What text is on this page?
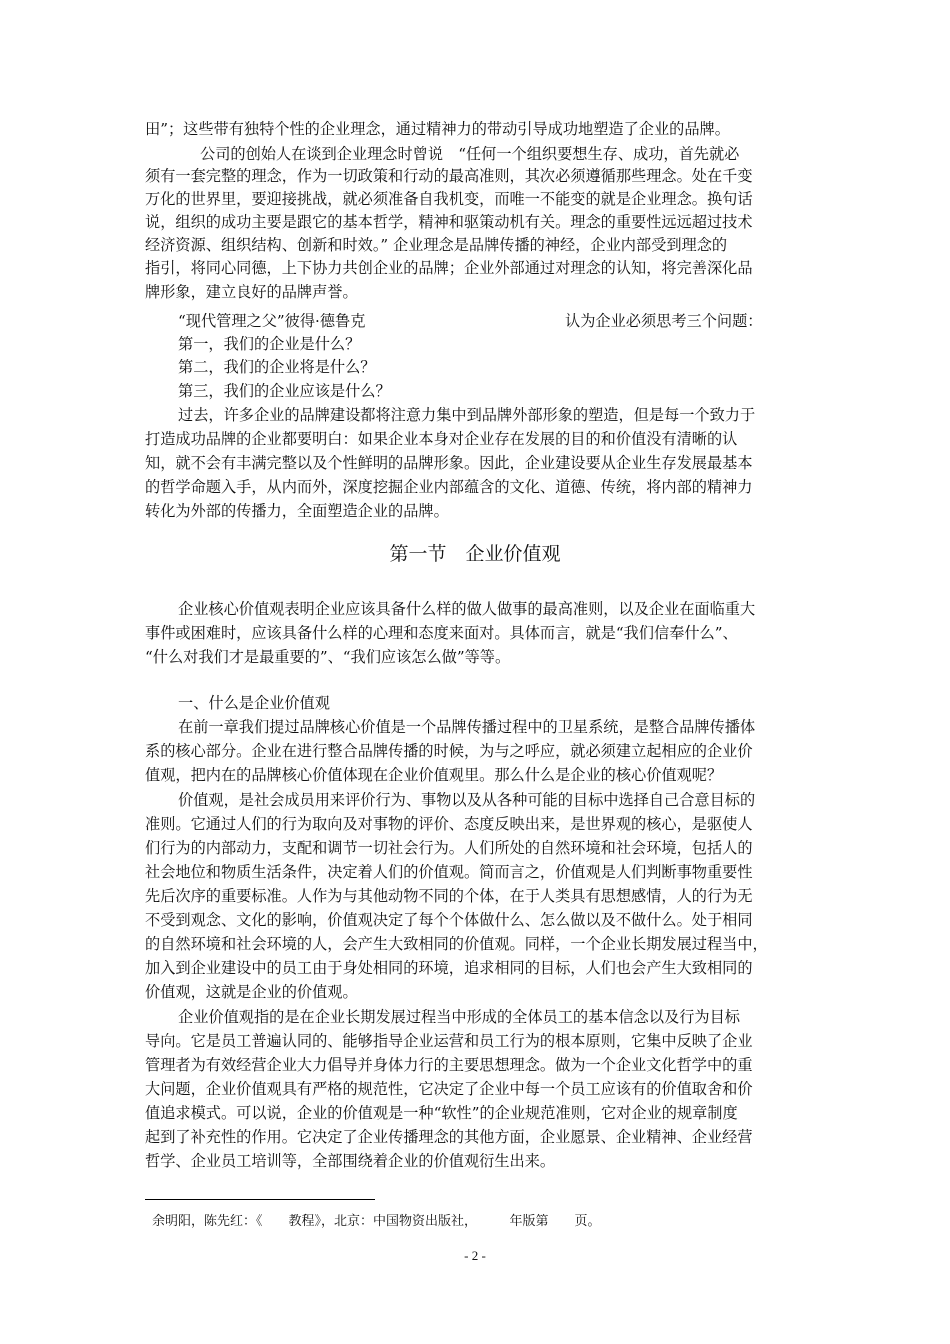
田”；这些带有独特个性的企业理念，通过精神力的带动引导成功地塑造了企业的品牌。
公司的创始人在谈到企业理念时曾说　“任何一个组织要想生存、成功，首先就必
须有一套完整的理念，作为一切政策和行动的最高准则，其次必须遵循那些理念。处在千变
万化的世界里，要迎接挑战，就必须准备自我机变，而唯一不能变的就是企业理念。换句话
说，组织的成功主要是跟它的基本哲学，精神和驱策动机有关。理念的重要性远远超过技术
经济资源、组织结构、创新和时效。” 企业理念是品牌传播的神经，企业内部受到理念的
指引，将同心同德，上下协力共创企业的品牌；企业外部通过对理念的认知，将完善深化品
牌形象，建立良好的品牌声誉。
“现代管理之父”彼得·德鲁克	认为企业必须思考三个问题：
第一，我们的企业是什么？
第二，我们的企业将是什么？
第三，我们的企业应该是什么？
过去，许多企业的品牌建设都将注意力集中到品牌外部形象的塑造，但是每一个致力于
打造成功品牌的企业都要明白：如果企业本身对企业存在发展的目的和价值没有清晰的认
知，就不会有丰满完整以及个性鲜明的品牌形象。因此，企业建设要从企业生存发展最基本
的哲学命题入手，从内而外，深度挖掘企业内部蕴含的文化、道德、传统，将内部的精神力
转化为外部的传播力，全面塑造企业的品牌。
第一节　企业价值观
企业核心价值观表明企业应该具备什么样的做人做事的最高准则，以及企业在面临重大
事件或困难时，应该具备什么样的心理和态度来面对。具体而言，就是“我们信奉什么”、
“什么对我们才是最重要的”、“我们应该怎么做”等等。
一、什么是企业价值观
在前一章我们提过品牌核心价值是一个品牌传播过程中的卫星系统，是整合品牌传播体
系的核心部分。企业在进行整合品牌传播的时候，为与之呼应，就必须建立起相应的企业价
值观，把内在的品牌核心价值体现在企业价值观里。那么什么是企业的核心价值观呢？
价值观，是社会成员用来评价行为、事物以及从各种可能的目标中选择自己合意目标的
准则。它通过人们的行为取向及对事物的评价、态度反映出来，是世界观的核心，是驱使人
们行为的内部动力，支配和调节一切社会行为。人们所处的自然环境和社会环境，包括人的
社会地位和物质生活条件，决定着人们的价值观。简而言之，价值观是人们判断事物重要性
先后次序的重要标准。人作为与其他动物不同的个体，在于人类具有思想感情，人的行为无
不受到观念、文化的影响，价值观决定了每个个体做什么、怎么做以及不做什么。处于相同
的自然环境和社会环境的人，会产生大致相同的价值观。同样，一个企业长期发展过程当中，
加入到企业建设中的员工由于身处相同的环境，追求相同的目标，人们也会产生大致相同的
价值观，这就是企业的价值观。
企业价值观指的是在企业长期发展过程当中形成的全体员工的基本信念以及行为目标
导向。它是员工普遍认同的、能够指导企业运营和员工行为的根本原则，它集中反映了企业
管理者为有效经营企业大力倡导并身体力行的主要思想理念。做为一个企业文化哲学中的重
大问题，企业价值观具有严格的规范性，它决定了企业中每一个员工应该有的价值取舍和价
值追求模式。可以说，企业的价值观是一种“软性”的企业规范准则，它对企业的规章制度
起到了补充性的作用。它决定了企业传播理念的其他方面，企业愿景、企业精神、企业经营
哲学、企业员工培训等，全部围绕着企业的价值观衍生出来。
余明阳，陈先红：《　　教程》，北京：中国物资出版社，　　　年版第　　页。
- 2 -
